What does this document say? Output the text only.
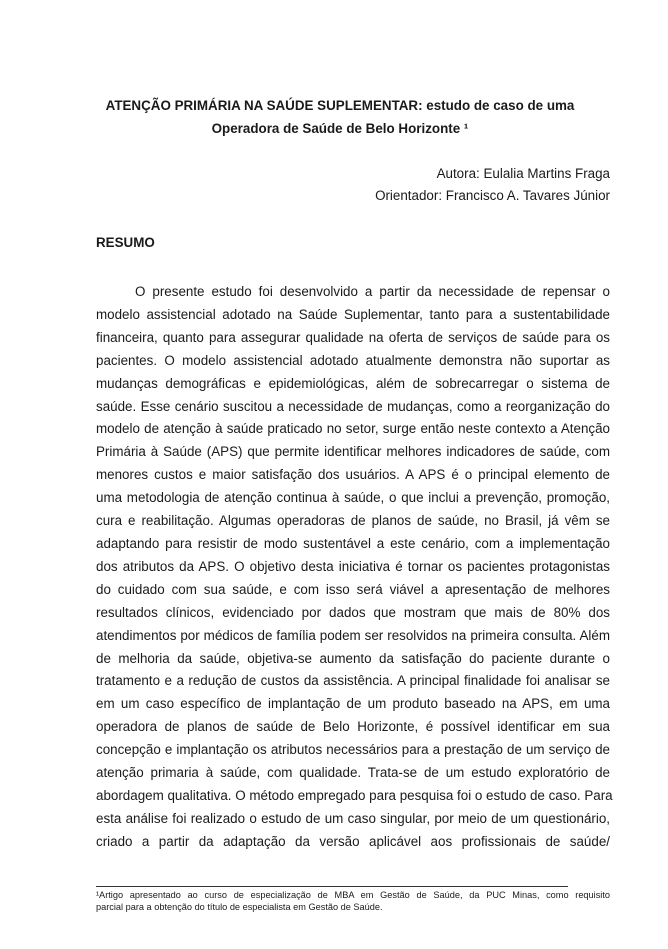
ATENÇÃO PRIMÁRIA NA SAÚDE SUPLEMENTAR: estudo de caso de uma
Operadora de Saúde de Belo Horizonte ¹
Autora: Eulalia Martins Fraga
Orientador: Francisco A. Tavares Júnior
RESUMO
O presente estudo foi desenvolvido a partir da necessidade de repensar o
modelo assistencial adotado na Saúde Suplementar, tanto para a sustentabilidade
financeira, quanto para assegurar qualidade na oferta de serviços de saúde para os
pacientes. O modelo assistencial adotado atualmente demonstra não suportar as
mudanças demográficas e epidemiológicas, além de sobrecarregar o sistema de
saúde. Esse cenário suscitou a necessidade de mudanças, como a reorganização do
modelo de atenção à saúde praticado no setor, surge então neste contexto a Atenção
Primária à Saúde (APS) que permite identificar melhores indicadores de saúde, com
menores custos e maior satisfação dos usuários. A APS é o principal elemento de
uma metodologia de atenção continua à saúde, o que inclui a prevenção, promoção,
cura e reabilitação. Algumas operadoras de planos de saúde, no Brasil, já vêm se
adaptando para resistir de modo sustentável a este cenário, com a implementação
dos atributos da APS. O objetivo desta iniciativa é tornar os pacientes protagonistas
do cuidado com sua saúde, e com isso será viável a apresentação de melhores
resultados clínicos, evidenciado por dados que mostram que mais de 80% dos
atendimentos por médicos de família podem ser resolvidos na primeira consulta. Além
de melhoria da saúde, objetiva-se aumento da satisfação do paciente durante o
tratamento e a redução de custos da assistência. A principal finalidade foi analisar se
em um caso específico de implantação de um produto baseado na APS, em uma
operadora de planos de saúde de Belo Horizonte, é possível identificar em sua
concepção e implantação os atributos necessários para a prestação de um serviço de
atenção primaria à saúde, com qualidade. Trata-se de um estudo exploratório de
abordagem qualitativa. O método empregado para pesquisa foi o estudo de caso. Para
esta análise foi realizado o estudo de um caso singular, por meio de um questionário,
criado a partir da adaptação da versão aplicável aos profissionais de saúde/
¹Artigo apresentado ao curso de especialização de MBA em Gestão de Saúde, da PUC Minas, como requisito
parcial para a obtenção do título de especialista em Gestão de Saúde.
